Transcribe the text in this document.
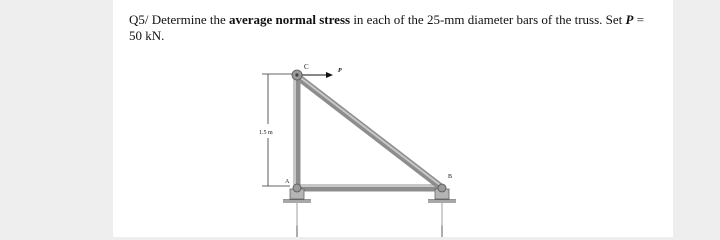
Q5/ Determine the average normal stress in each of the 25-mm diameter bars of the truss. Set P = 50 kN.
1.5 m
C	P
A
B
